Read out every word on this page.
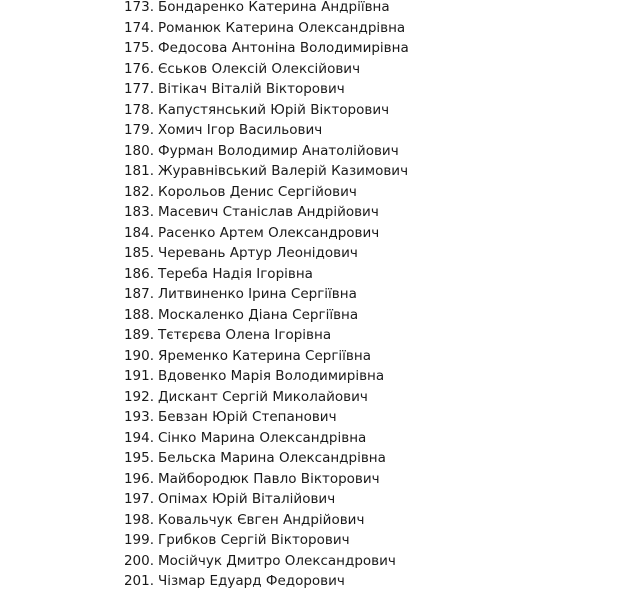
173. Бондаренко Катерина Андріївна
174. Романюк Катерина Олександрівна
175. Федосова Антоніна Володимирівна
176. Єськов Олексій Олексійович
177. Вітікач Віталій Вікторович
178. Капустянський Юрій Вікторович
179. Хомич Ігор Васильович
180. Фурман Володимир Анатолійович
181. Журавнівський Валерій Казимович
182. Корольов Денис Сергійович
183. Масевич Станіслав Андрійович
184. Расенко Артем Олександрович
185. Черевань Артур Леонідович
186. Тереба Надія Ігорівна
187. Литвиненко Ірина Сергіївна
188. Москаленко Діана Сергіївна
189. Тєтєрєва Олена Ігорівна
190. Яременко Катерина Сергіївна
191. Вдовенко Марія Володимирівна
192. Дискант Сергій Миколайович
193. Бевзан Юрій Степанович
194. Сінко Марина Олександрівна
195. Бельска Марина Олександрівна
196. Майбородюк Павло Вікторович
197. Опімах Юрій Віталійович
198. Ковальчук Євген Андрійович
199. Грибков Сергій Вікторович
200. Мосійчук Дмитро Олександрович
201. Чізмар Едуард Федорович
